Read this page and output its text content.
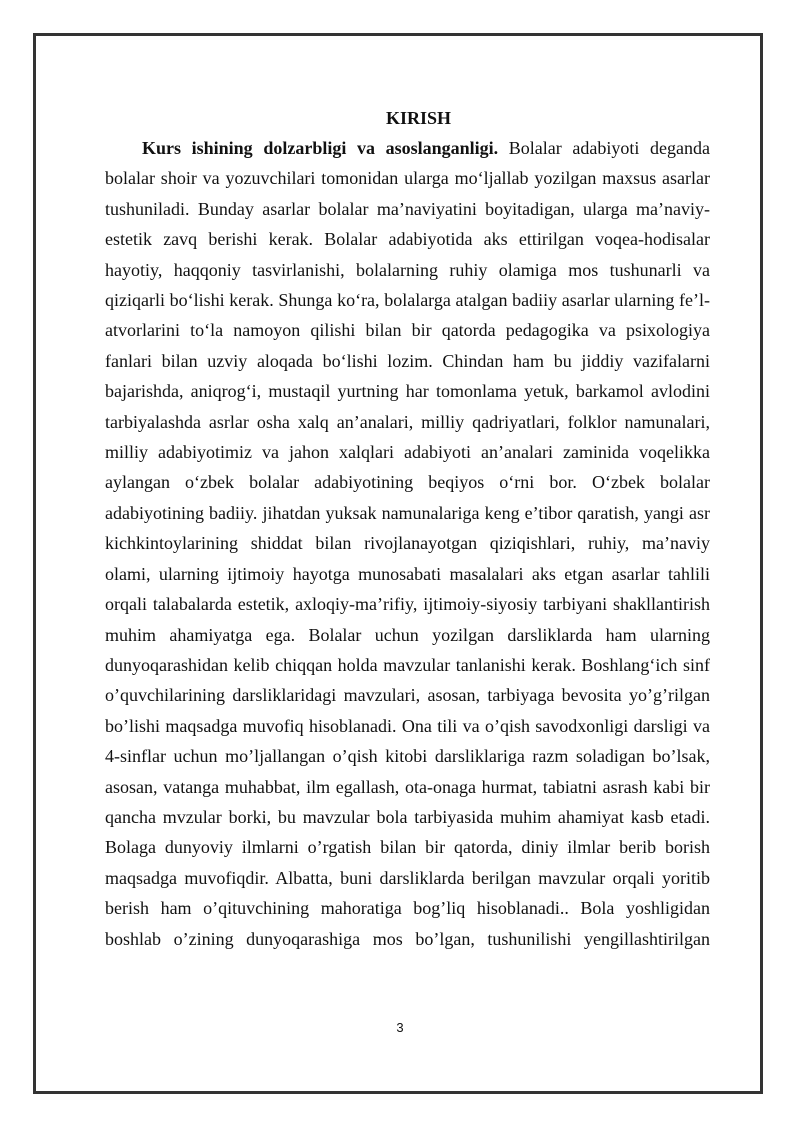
KIRISH

Kurs ishining dolzarbligi va asoslanganligi. Bolalar adabiyoti deganda bolalar shoir va yozuvchilari tomonidan ularga mo‘ljallab yozilgan maxsus asarlar tushuniladi. Bunday asarlar bolalar ma’naviyatini boyitadigan, ularga ma’naviy-estetik zavq berishi kerak. Bolalar adabiyotida aks ettirilgan voqea-hodisalar hayotiy, haqqoniy tasvirlanishi, bolalarning ruhiy olamiga mos tushunarli va qiziqarli bo‘lishi kerak. Shunga ko‘ra, bolalarga atalgan badiiy asarlar ularning fe’l-atvorlarini to‘la namoyon qilishi bilan bir qatorda pedagogika va psixologiya fanlari bilan uzviy aloqada bo‘lishi lozim. Chindan ham bu jiddiy vazifalarni bajarishda, aniqrog‘i, mustaqil yurtning har tomonlama yetuk, barkamol avlodini tarbiyalashda asrlar osha xalq an’analari, milliy qadriyatlari, folklor namunalari, milliy adabiyotimiz va jahon xalqlari adabiyoti an’analari zaminida voqelikka aylangan o‘zbek bolalar adabiyotining beqiyos o‘rni bor. O‘zbek bolalar adabiyotining badiiy. jihatdan yuksak namunalariga keng e’tibor qaratish, yangi asr kichkintoylarining shiddat bilan rivojlanayotgan qiziqishlari, ruhiy, ma’naviy olami, ularning ijtimoiy hayotga munosabati masalalari aks etgan asarlar tahlili orqali talabalarda estetik, axloqiy-ma’rifiy, ijtimoiy-siyosiy tarbiyani shakllantirish muhim ahamiyatga ega. Bolalar uchun yozilgan darsliklarda ham ularning dunyoqarashidan kelib chiqqan holda mavzular tanlanishi kerak. Boshlang‘ich sinf o’quvchilarining darsliklaridagi mavzulari, asosan, tarbiyaga bevosita yo’g’rilgan bo’lishi maqsadga muvofiq hisoblanadi. Ona tili va o’qish savodxonligi darsligi va 4-sinflar uchun mo’ljallangan o’qish kitobi darsliklariga razm soladigan bo’lsak, asosan, vatanga muhabbat, ilm egallash, ota-onaga hurmat, tabiatni asrash kabi bir qancha mvzular borki, bu mavzular bola tarbiyasida muhim ahamiyat kasb etadi. Bolaga dunyoviy ilmlarni o’rgatish bilan bir qatorda, diniy ilmlar berib borish maqsadga muvofiqdir. Albatta, buni darsliklarda berilgan mavzular orqali yoritib berish ham o’qituvchining mahoratiga bog’liq hisoblanadi.. Bola yoshligidan boshlab o’zining dunyoqarashiga mos bo’lgan, tushunilishi yengillashtirilgan

3
